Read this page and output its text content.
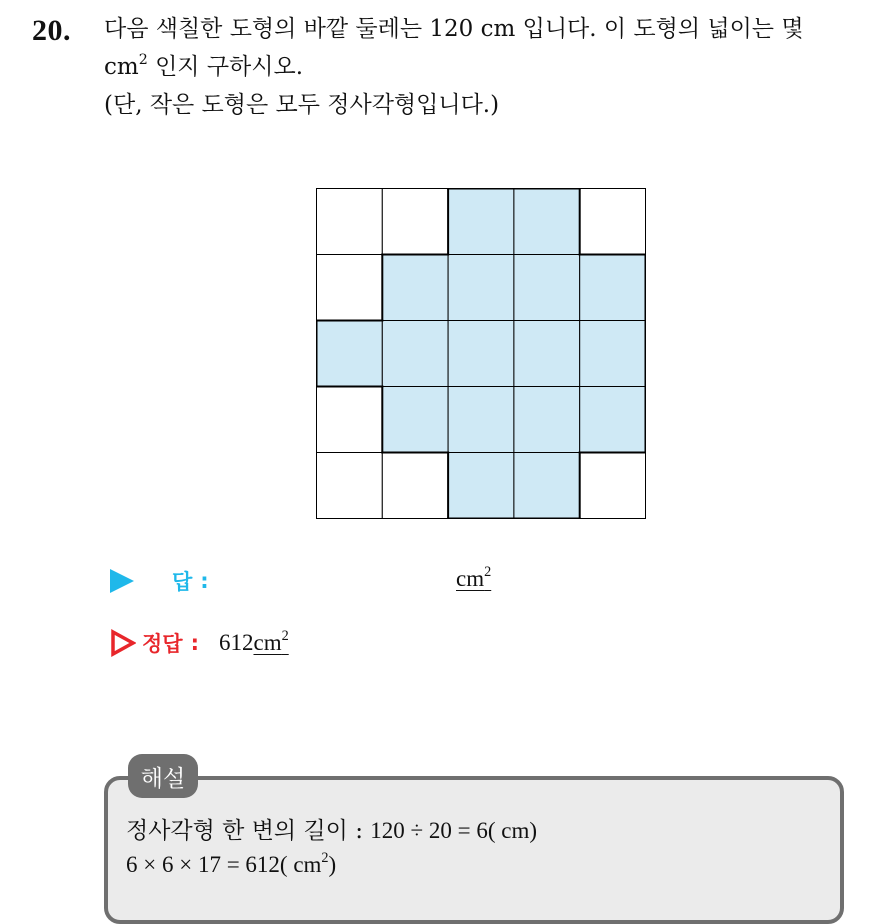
20. 다음 색칠한 도형의 바깥 둘레는 120 cm 입니다. 이 도형의 넓이는 몇
$cm^2$ 인지 구하시오.
(단, 작은 도형은 모두 정사각형입니다.)
답 :	$cm^2$
정답 : 612 $cm^2$
해설
정사각형 한 변의 길이 : 120 ÷ 20 = 6( cm)
6 × 6 × 17 = 612( $cm^2$)
